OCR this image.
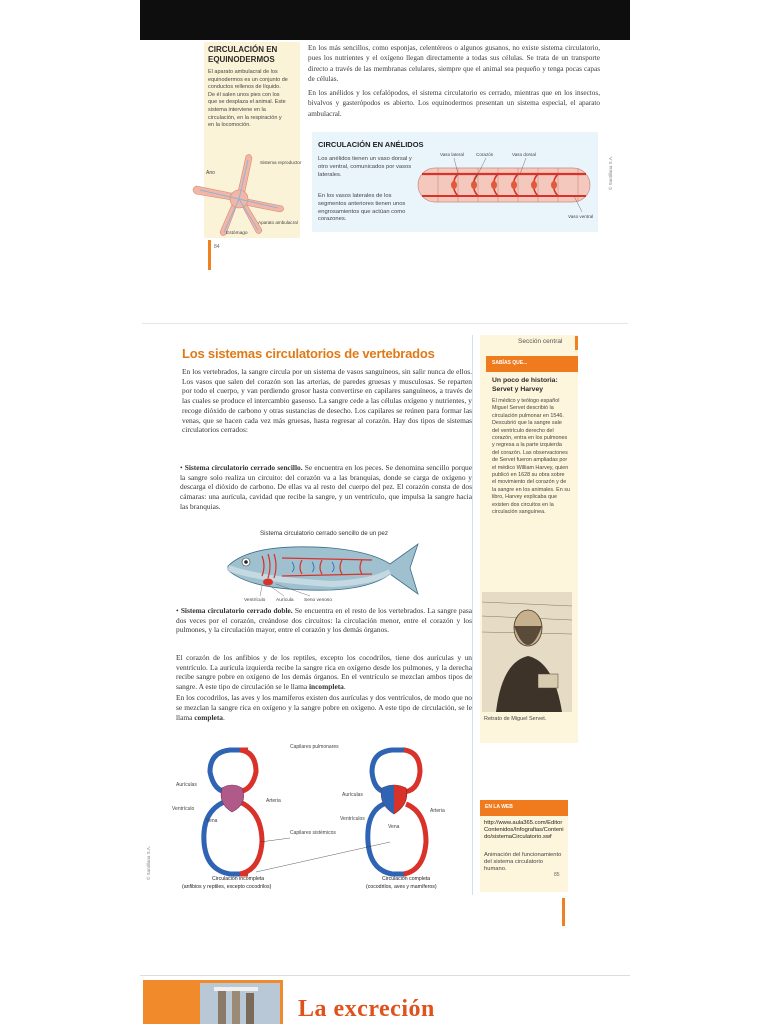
CIRCULACIÓN EN EQUINODERMOS
El aparato ambulacral de los equinodermos es un conjunto de conductos rellenos de líquido. De él salen unos pies con los que se desplaza el animal. Este sistema interviene en la circulación, en la respiración y en la locomoción.
Ano
Sistema reproductor
Estómago
Aparato ambulacral

En los más sencillos, como esponjas, celentéreos o algunos gusanos, no existe sistema circulatorio, pues los nutrientes y el oxígeno llegan directamente a todas sus células. Se trata de un transporte directo a través de las membranas celulares, siempre que el animal sea pequeño y tenga pocas capas de células.

En los anélidos y los cefalópodos, el sistema circulatorio es cerrado, mientras que en los insectos, bivalvos y gasterópodos es abierto. Los equinodermos presentan un sistema especial, el aparato ambulacral.

CIRCULACIÓN EN ANÉLIDOS
Los anélidos tienen un vaso dorsal y otro ventral, comunicados por vasos laterales.
En los vasos laterales de los segmentos anteriores tienen unos engrosamientos que actúan como corazones.
Vaso lateral	Corazón	Vaso dorsal
Vaso ventral
84
© Santillana S.A.
Sección central
Los sistemas circulatorios de vertebrados

En los vertebrados, la sangre circula por un sistema de vasos sanguíneos, sin salir nunca de ellos. Los vasos que salen del corazón son las arterias, de paredes gruesas y musculosas. Se reparten por todo el cuerpo, y van perdiendo grosor hasta convertirse en capilares sanguíneos, a través de las cuales se produce el intercambio gaseoso. La sangre cede a las células oxígeno y nutrientes, y recoge dióxido de carbono y otras sustancias de desecho. Los capilares se reúnen para formar las venas, que se hacen cada vez más gruesas, hasta regresar al corazón. Hay dos tipos de sistemas circulatorios cerrados:

• Sistema circulatorio cerrado sencillo. Se encuentra en los peces. Se denomina sencillo porque la sangre solo realiza un circuito: del corazón va a las branquias, donde se carga de oxígeno y descarga el dióxido de carbono. De ellas va al resto del cuerpo del pez. El corazón consta de dos cámaras: una aurícula, cavidad que recibe la sangre, y un ventrículo, que impulsa la sangre hacia las branquias.
Sistema circulatorio cerrado sencillo de un pez
Ventrículo Aurícula Seno venoso
• Sistema circulatorio cerrado doble. Se encuentra en el resto de los vertebrados. La sangre pasa dos veces por el corazón, creándose dos circuitos: la circulación menor, entre el corazón y los pulmones, y la circulación mayor, entre el corazón y los demás órganos.

El corazón de los anfibios y de los reptiles, excepto los cocodrilos, tiene dos aurículas y un ventrículo. La aurícula izquierda recibe la sangre rica en oxígeno desde los pulmones, y la derecha recibe sangre pobre en oxígeno de los demás órganos. En el ventrículo se mezclan ambos tipos de sangre. A este tipo de circulación se le llama incompleta.

En los cocodrilos, las aves y los mamíferos existen dos aurículas y dos ventrículos, de modo que no se mezclan la sangre rica en oxígeno y la sangre pobre en oxígeno. A este tipo de circulación, se le llama completa.

Capilares pulmonares
Aurículas
Ventrículo
Arteria
Vena
Capilares sistémicos
Aurículas
Ventrículos
Arteria
Vena
Circulación incompleta
(anfibios y reptiles, excepto cocodrilos)
Circulación completa
(cocodrilos, aves y mamíferos)
SABÍAS QUE...
Un poco de historia: Servet y Harvey
El médico y teólogo español Miguel Servet describió la circulación pulmonar en 1546. Descubrió que la sangre sale del ventrículo derecho del corazón, entra en los pulmones y regresa a la parte izquierda del corazón. Las observaciones de Servet fueron ampliadas por el médico William Harvey, quien publicó en 1628 su obra sobre el movimiento del corazón y de la sangre en los animales. En su libro, Harvey explicaba que existen dos circuitos en la circulación sanguínea.
Retrato de Miguel Servet.
EN LA WEB
http://www.aula365.com/EditorContenidos/Infografias/Contenido/sistemaCirculatorio.swf
Animación del funcionamiento del sistema circulatorio humano.
85
© Santillana S.A.
La excreción
